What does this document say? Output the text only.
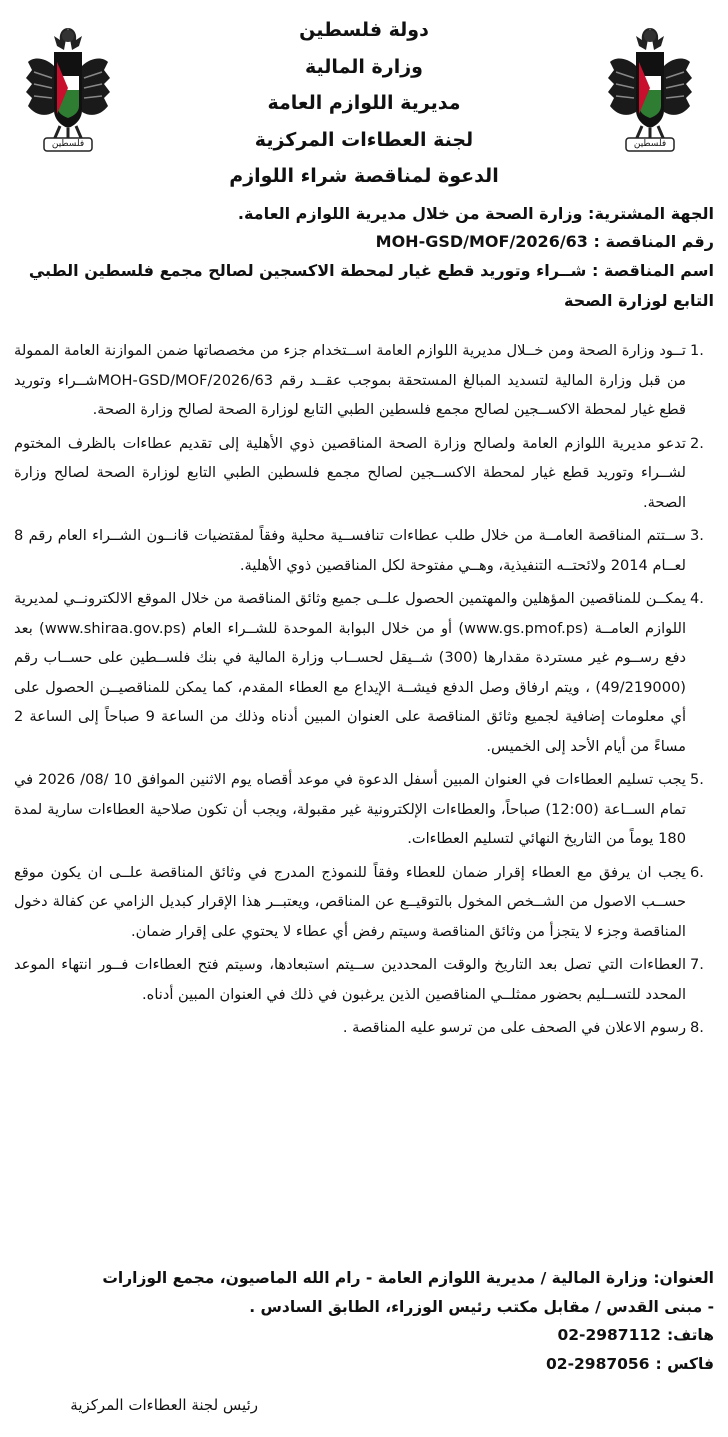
فلسطين	فلسطين
دولة فلسطين
وزارة المالية
مديرية اللوازم العامة
لجنة العطاءات المركزية
الدعوة لمناقصة شراء اللوازم
الجهة المشترية: وزارة الصحة من خلال مديرية اللوازم العامة.
رقم المناقصة : MOH-GSD/MOF/2026/63
اسم المناقصة : شــراء وتوريد قطع غيار لمحطة الاكسجين لصالح مجمع فلسطين الطبي التابع لوزارة الصحة
1.
تــود وزارة الصحة ومن خــلال مديرية اللوازم العامة اســتخدام جزء من مخصصاتها ضمن الموازنة العامة الممولة من قبل وزارة المالية لتسديد المبالغ المستحقة بموجب عقــد رقم MOH-GSD/MOF/2026/63شــراء وتوريد قطع غيار لمحطة الاكســجين لصالح مجمع فلسطين الطبي التابع لوزارة الصحة لصالح وزارة الصحة.
2.
تدعو مديرية اللوازم العامة ولصالح وزارة الصحة المناقصين ذوي الأهلية إلى تقديم عطاءات بالظرف المختوم لشــراء وتوريد قطع غيار لمحطة الاكســجين لصالح مجمع فلسطين الطبي التابع لوزارة الصحة لصالح وزارة الصحة.
3.
ســتتم المناقصة العامــة من خلال طلب عطاءات تنافســية محلية وفقاً لمقتضيات قانــون الشــراء العام رقم 8 لعــام 2014 ولائحتــه التنفيذية، وهــي مفتوحة لكل المناقصين ذوي الأهلية.
4.
يمكــن للمناقصين المؤهلين والمهتمين الحصول علــى جميع وثائق المناقصة من خلال الموقع الالكترونــي لمديرية اللوازم العامــة (www.gs.pmof.ps) أو من خلال البوابة الموحدة للشــراء العام (www.shiraa.gov.ps) بعد دفع رســوم غير مستردة مقدارها (300) شــيقل لحســاب وزارة المالية في بنك فلســطين على حســاب رقم (49/219000) ، ويتم ارفاق وصل الدفع فيشــة الإيداع مع العطاء المقدم، كما يمكن للمناقصيــن الحصول على أي معلومات إضافية لجميع وثائق المناقصة على العنوان المبين أدناه وذلك من الساعة 9 صباحاً إلى الساعة 2 مساءً من أيام الأحد إلى الخميس.
5.
يجب تسليم العطاءات في العنوان المبين أسفل الدعوة في موعد أقصاه يوم الاثنين الموافق 10 /08/ 2026 في تمام الســاعة (12:00) صباحاً، والعطاءات الإلكترونية غير مقبولة، ويجب أن تكون صلاحية العطاءات سارية لمدة 180 يوماً من التاريخ النهائي لتسليم العطاءات.
6.
يجب ان يرفق مع العطاء إقرار ضمان للعطاء وفقاً للنموذج المدرج في وثائق المناقصة علــى ان يكون موقع حســب الاصول من الشــخص المخول بالتوقيــع عن المناقص، ويعتبــر هذا الإقرار كبديل الزامي عن كفالة دخول المناقصة وجزء لا يتجزأ من وثائق المناقصة وسيتم رفض أي عطاء لا يحتوي على إقرار ضمان.
7.
العطاءات التي تصل بعد التاريخ والوقت المحددين ســيتم استبعادها، وسيتم فتح العطاءات فــور انتهاء الموعد المحدد للتســليم بحضور ممثلــي المناقصين الذين يرغبون في ذلك في العنوان المبين أدناه.
8.
رسوم الاعلان في الصحف على من ترسو عليه المناقصة .
العنوان: وزارة المالية / مديرية اللوازم العامة - رام الله الماصيون، مجمع الوزارات
- مبنى القدس / مقابل مكتب رئيس الوزراء، الطابق السادس .
هاتف:02-2987112
فاكس :02-2987056
رئيس لجنة العطاءات المركزية
